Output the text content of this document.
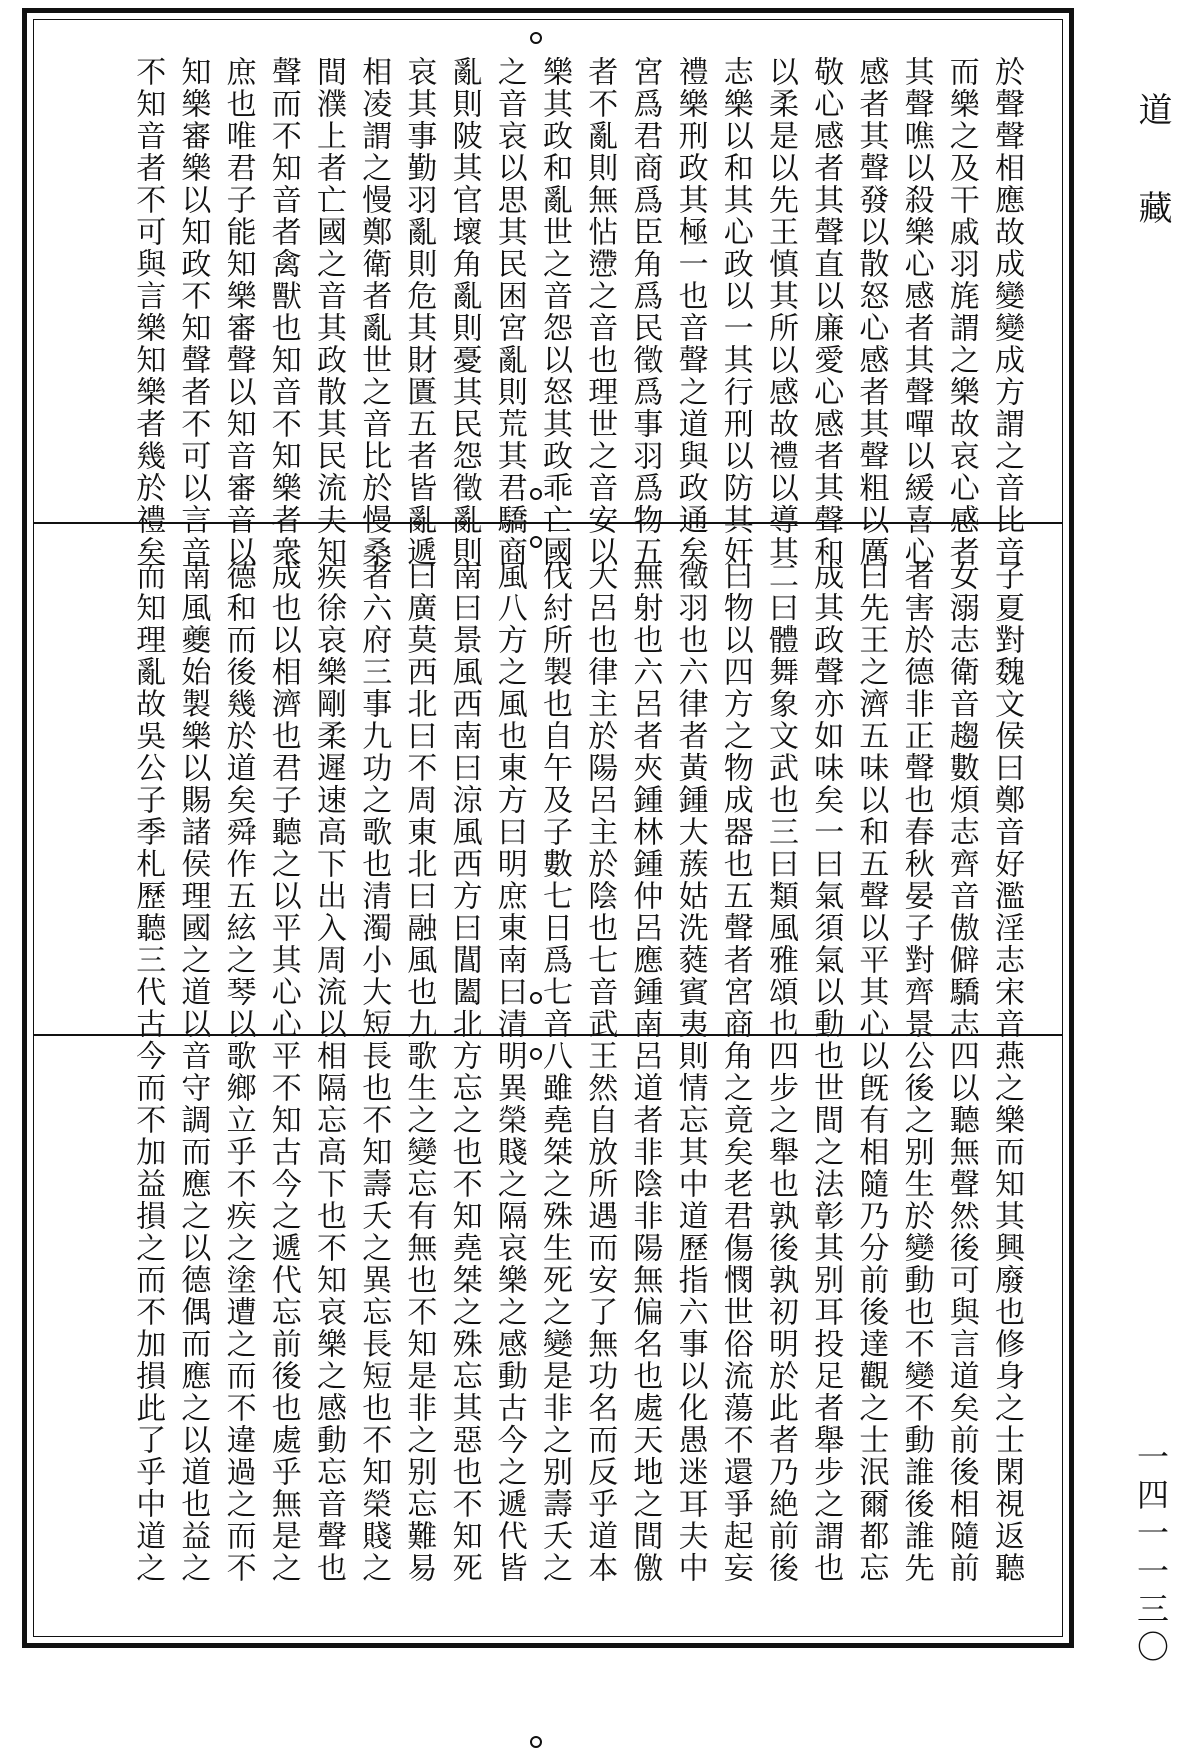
於聲聲相應故成變變成方謂之音比音
而樂之及干戚羽旄謂之樂故哀心感者
其聲噍以殺樂心感者其聲嘽以緩喜心
感者其聲發以散怒心感者其聲粗以厲
敬心感者其聲直以廉愛心感者其聲和
以柔是以先王慎其所以感故禮以導其
志樂以和其心政以一其行刑以防其奸
禮樂刑政其極一也音聲之道與政通矣
宮爲君商爲臣角爲民徵爲事羽爲物五
者不亂則無怗懘之音也理世之音安以
樂其政和亂世之音怨以怒其政乖亡國
之音哀以思其民困宮亂則荒其君驕商
亂則陂其官壞角亂則憂其民怨徵亂則
哀其事勤羽亂則危其財匱五者皆亂遞
相凌謂之慢鄭衛者亂世之音比於慢桑
間濮上者亡國之音其政散其民流夫知
聲而不知音者禽獸也知音不知樂者衆
庶也唯君子能知樂審聲以知音審音以
知樂審樂以知政不知聲者不可以言音
不知音者不可與言樂知樂者幾於禮矣
子夏對魏文侯曰鄭音好濫淫志宋音燕
女溺志衛音趨數煩志齊音傲僻驕志四
者害於德非正聲也春秋晏子對齊景公
曰先王之濟五味以和五聲以平其心以
成其政聲亦如味矣一曰氣須氣以動也
二曰體舞象文武也三曰類風雅頌也四
曰物以四方之物成器也五聲者宮商角
徵羽也六律者黃鍾大蔟姑洗蕤賓夷則
無射也六呂者夾鍾林鍾仲呂應鍾南呂
大呂也律主於陽呂主於陰也七音武王
伐紂所製也自午及子數七日爲七音八
風八方之風也東方曰明庶東南曰清明
南曰景風西南曰涼風西方曰閶闔北方
曰廣莫西北曰不周東北曰融風也九歌
者六府三事九功之歌也清濁小大短長
疾徐哀樂剛柔遲速高下出入周流以相
成也以相濟也君子聽之以平其心心平
德和而後幾於道矣舜作五絃之琴以歌
南風夔始製樂以賜諸侯理國之道以音
而知理亂故吳公子季札歷聽三代古今
之樂而知其興廢也修身之士閑視返聽
以聽無聲然後可與言道矣前後相隨前
後之别生於變動也不變不動誰後誰先
旣有相隨乃分前後達觀之士泯爾都忘
世間之法彰其别耳投足者舉步之謂也
步之舉也孰後孰初明於此者乃絶前後
之竟矣老君傷憫世俗流蕩不還爭起妄
情忘其中道歷指六事以化愚迷耳夫中
道者非陰非陽無偏名也處天地之間儌
然自放所遇而安了無功名而反乎道本
雖堯桀之殊生死之變是非之别壽夭之
異榮賤之隔哀樂之感動古今之遞代皆
忘之也不知堯桀之殊忘其惡也不知死
生之變忘有無也不知是非之别忘難易
也不知壽夭之異忘長短也不知榮賤之
隔忘高下也不知哀樂之感動忘音聲也
不知古今之遞代忘前後也處乎無是之
鄉立乎不疾之塗遭之而不違過之而不
守調而應之以德偶而應之以道也益之
而不加益損之而不加損此了乎中道之
道藏
一四一一三〇
